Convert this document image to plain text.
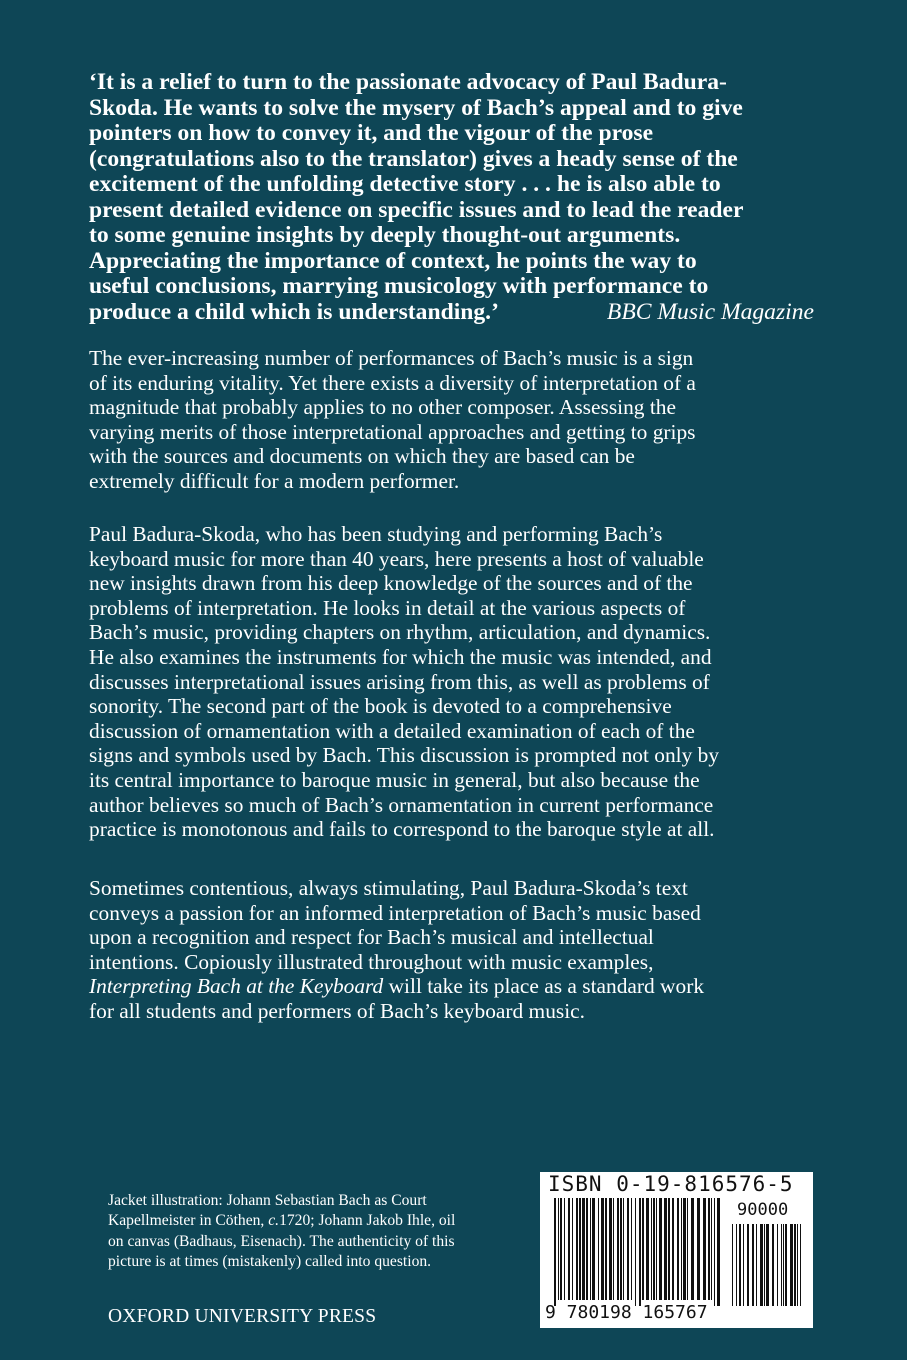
‘It is a relief to turn to the passionate advocacy of Paul Badura-
Skoda. He wants to solve the mysery of Bach’s appeal and to give
pointers on how to convey it, and the vigour of the prose
(congratulations also to the translator) gives a heady sense of the
excitement of the unfolding detective story . . . he is also able to
present detailed evidence on specific issues and to lead the reader
to some genuine insights by deeply thought-out arguments.
Appreciating the importance of context, he points the way to
useful conclusions, marrying musicology with performance to
produce a child which is understanding.’	BBC Music Magazine
The ever-increasing number of performances of Bach’s music is a sign
of its enduring vitality. Yet there exists a diversity of interpretation of a
magnitude that probably applies to no other composer. Assessing the
varying merits of those interpretational approaches and getting to grips
with the sources and documents on which they are based can be
extremely difficult for a modern performer.
Paul Badura-Skoda, who has been studying and performing Bach’s
keyboard music for more than 40 years, here presents a host of valuable
new insights drawn from his deep knowledge of the sources and of the
problems of interpretation. He looks in detail at the various aspects of
Bach’s music, providing chapters on rhythm, articulation, and dynamics.
He also examines the instruments for which the music was intended, and
discusses interpretational issues arising from this, as well as problems of
sonority. The second part of the book is devoted to a comprehensive
discussion of ornamentation with a detailed examination of each of the
signs and symbols used by Bach. This discussion is prompted not only by
its central importance to baroque music in general, but also because the
author believes so much of Bach’s ornamentation in current performance
practice is monotonous and fails to correspond to the baroque style at all.
Sometimes contentious, always stimulating, Paul Badura-Skoda’s text
conveys a passion for an informed interpretation of Bach’s music based
upon a recognition and respect for Bach’s musical and intellectual
intentions. Copiously illustrated throughout with music examples,
Interpreting Bach at the Keyboard will take its place as a standard work
for all students and performers of Bach’s keyboard music.
Jacket illustration: Johann Sebastian Bach as Court
Kapellmeister in Cöthen, c.1720; Johann Jakob Ihle, oil
on canvas (Badhaus, Eisenach). The authenticity of this
picture is at times (mistakenly) called into question.
OXFORD UNIVERSITY PRESS
ISBN 0-19-816576-5
90000
9 780198 165767
